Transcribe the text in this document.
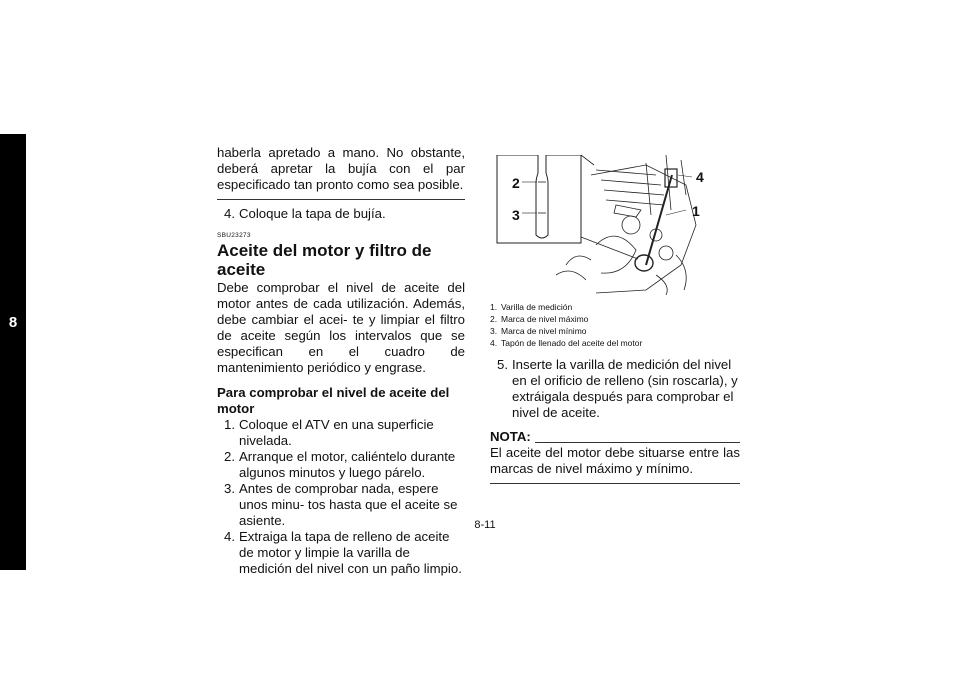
8

haberla apretado a mano. No obstante, deberá apretar la bujía con el par especificado tan pronto como sea posible.

4. Coloque la tapa de bujía.

SBU23273
Aceite del motor y filtro de aceite

Debe comprobar el nivel de aceite del motor antes de cada utilización. Además, debe cambiar el acei- te y limpiar el filtro de aceite según los intervalos que se especifican en el cuadro de mantenimiento periódico y engrase.

Para comprobar el nivel de aceite del motor

1. Coloque el ATV en una superficie nivelada.

2. Arranque el motor, caliéntelo durante algunos minutos y luego párelo.

3. Antes de comprobar nada, espere unos minu- tos hasta que el aceite se asiente.

4. Extraiga la tapa de relleno de aceite de motor y limpie la varilla de medición del nivel con un paño limpio.

2
3
4
1
1. Varilla de medición
2. Marca de nivel máximo
3. Marca de nivel mínimo
4. Tapón de llenado del aceite del motor

5. Inserte la varilla de medición del nivel en el orificio de relleno (sin roscarla), y extráigala después para comprobar el nivel de aceite.

NOTA:

El aceite del motor debe situarse entre las marcas de nivel máximo y mínimo.

8-11
